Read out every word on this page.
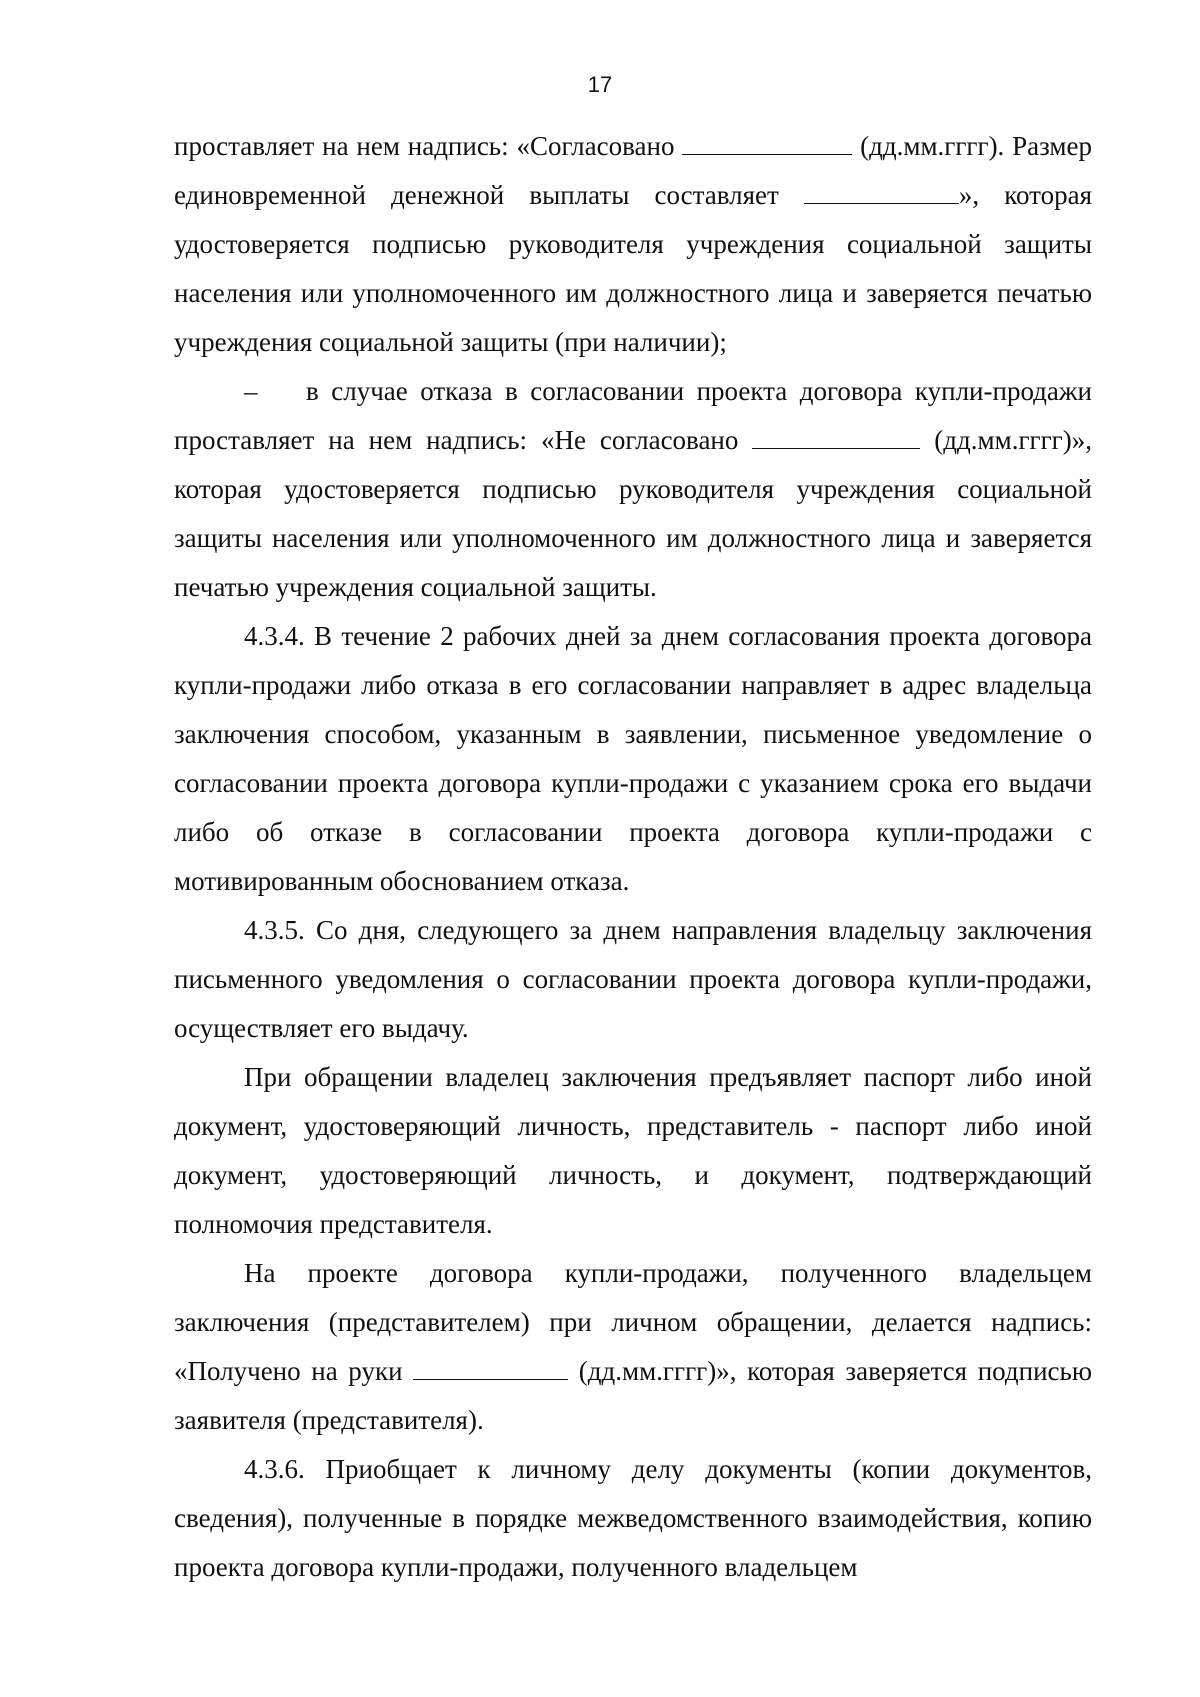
17

проставляет на нем надпись: «Согласовано	(дд.мм.гггг). Размер единовременной денежной выплаты составляет	», которая удостоверяется подписью руководителя учреждения социальной защиты населения или уполномоченного им должностного лица и заверяется печатью учреждения социальной защиты (при наличии);

– в случае отказа в согласовании проекта договора купли-продажи проставляет на нем надпись: «Не согласовано	(дд.мм.гггг)», которая удостоверяется подписью руководителя учреждения социальной защиты населения или уполномоченного им должностного лица и заверяется печатью учреждения социальной защиты.

4.3.4. В течение 2 рабочих дней за днем согласования проекта договора купли-продажи либо отказа в его согласовании направляет в адрес владельца заключения способом, указанным в заявлении, письменное уведомление о согласовании проекта договора купли-продажи с указанием срока его выдачи либо об отказе в согласовании проекта договора купли-продажи с мотивированным обоснованием отказа.

4.3.5. Со дня, следующего за днем направления владельцу заключения письменного уведомления о согласовании проекта договора купли-продажи, осуществляет его выдачу.

При обращении владелец заключения предъявляет паспорт либо иной документ, удостоверяющий личность, представитель - паспорт либо иной документ, удостоверяющий личность, и документ, подтверждающий полномочия представителя.

На проекте договора купли-продажи, полученного владельцем заключения (представителем) при личном обращении, делается надпись: «Получено на руки	(дд.мм.гггг)», которая заверяется подписью заявителя (представителя).

4.3.6. Приобщает к личному делу документы (копии документов, сведения), полученные в порядке межведомственного взаимодействия, копию проекта договора купли-продажи, полученного владельцем
